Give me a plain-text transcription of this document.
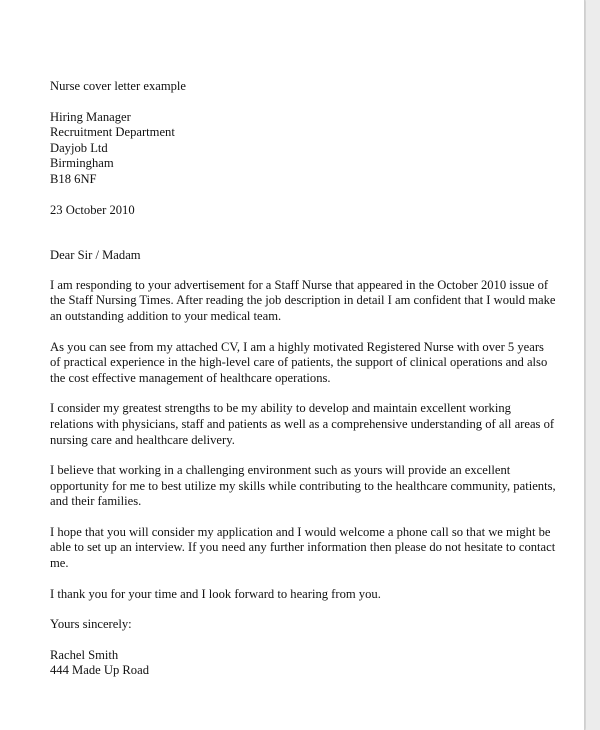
Nurse cover letter example
Hiring Manager
Recruitment Department
Dayjob Ltd
Birmingham
B18 6NF
23 October 2010
Dear Sir / Madam
I am responding to your advertisement for a Staff Nurse that appeared in the October 2010 issue of
the Staff Nursing Times. After reading the job description in detail I am confident that I would make
an outstanding addition to your medical team.
As you can see from my attached CV, I am a highly motivated Registered Nurse with over 5 years
of practical experience in the high-level care of patients, the support of clinical operations and also
the cost effective management of healthcare operations.
I consider my greatest strengths to be my ability to develop and maintain excellent working
relations with physicians, staff and patients as well as a comprehensive understanding of all areas of
nursing care and healthcare delivery.
I believe that working in a challenging environment such as yours will provide an excellent
opportunity for me to best utilize my skills while contributing to the healthcare community, patients,
and their families.
I hope that you will consider my application and I would welcome a phone call so that we might be
able to set up an interview. If you need any further information then please do not hesitate to contact
me.
I thank you for your time and I look forward to hearing from you.
Yours sincerely:
Rachel Smith
444 Made Up Road
